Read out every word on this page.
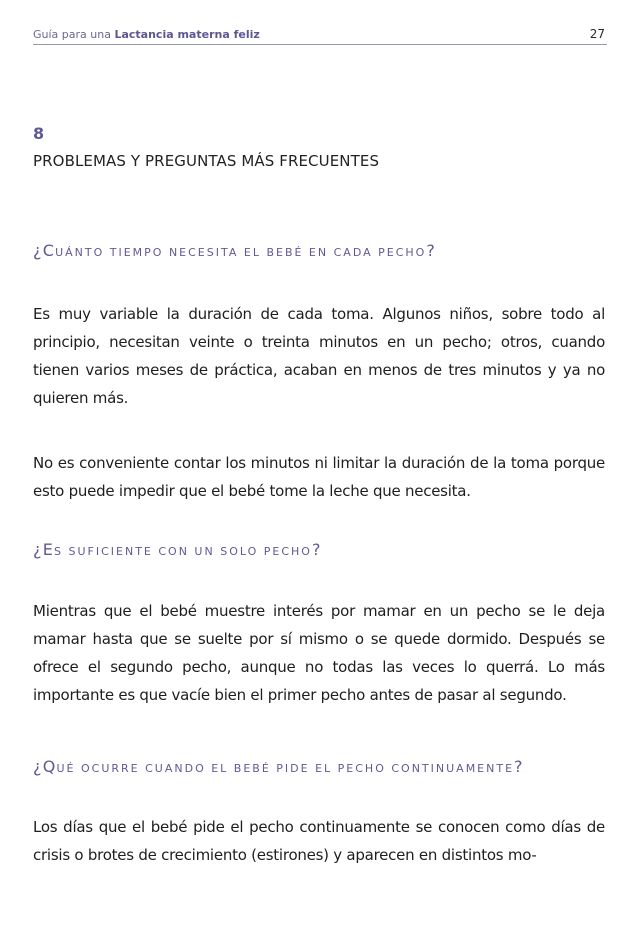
Guía para una Lactancia materna feliz	27
8
PROBLEMAS Y PREGUNTAS MÁS FRECUENTES
¿CUÁNTO TIEMPO NECESITA EL BEBÉ EN CADA PECHO?

Es muy variable la duración de cada toma. Algunos niños, sobre todo al principio, necesitan veinte o treinta minutos en un pecho; otros, cuando tienen varios meses de práctica, acaban en menos de tres minutos y ya no quieren más.

No es conveniente contar los minutos ni limitar la duración de la toma porque esto puede impedir que el bebé tome la leche que necesita.

¿ES SUFICIENTE CON UN SOLO PECHO?

Mientras que el bebé muestre interés por mamar en un pecho se le deja mamar hasta que se suelte por sí mismo o se quede dormido. Después se ofrece el segundo pecho, aunque no todas las veces lo querrá. Lo más importante es que vacíe bien el primer pecho antes de pasar al segundo.

¿QUÉ OCURRE CUANDO EL BEBÉ PIDE EL PECHO CONTINUAMENTE?

Los días que el bebé pide el pecho continuamente se conocen como días de crisis o brotes de crecimiento (estirones) y aparecen en distintos mo-
